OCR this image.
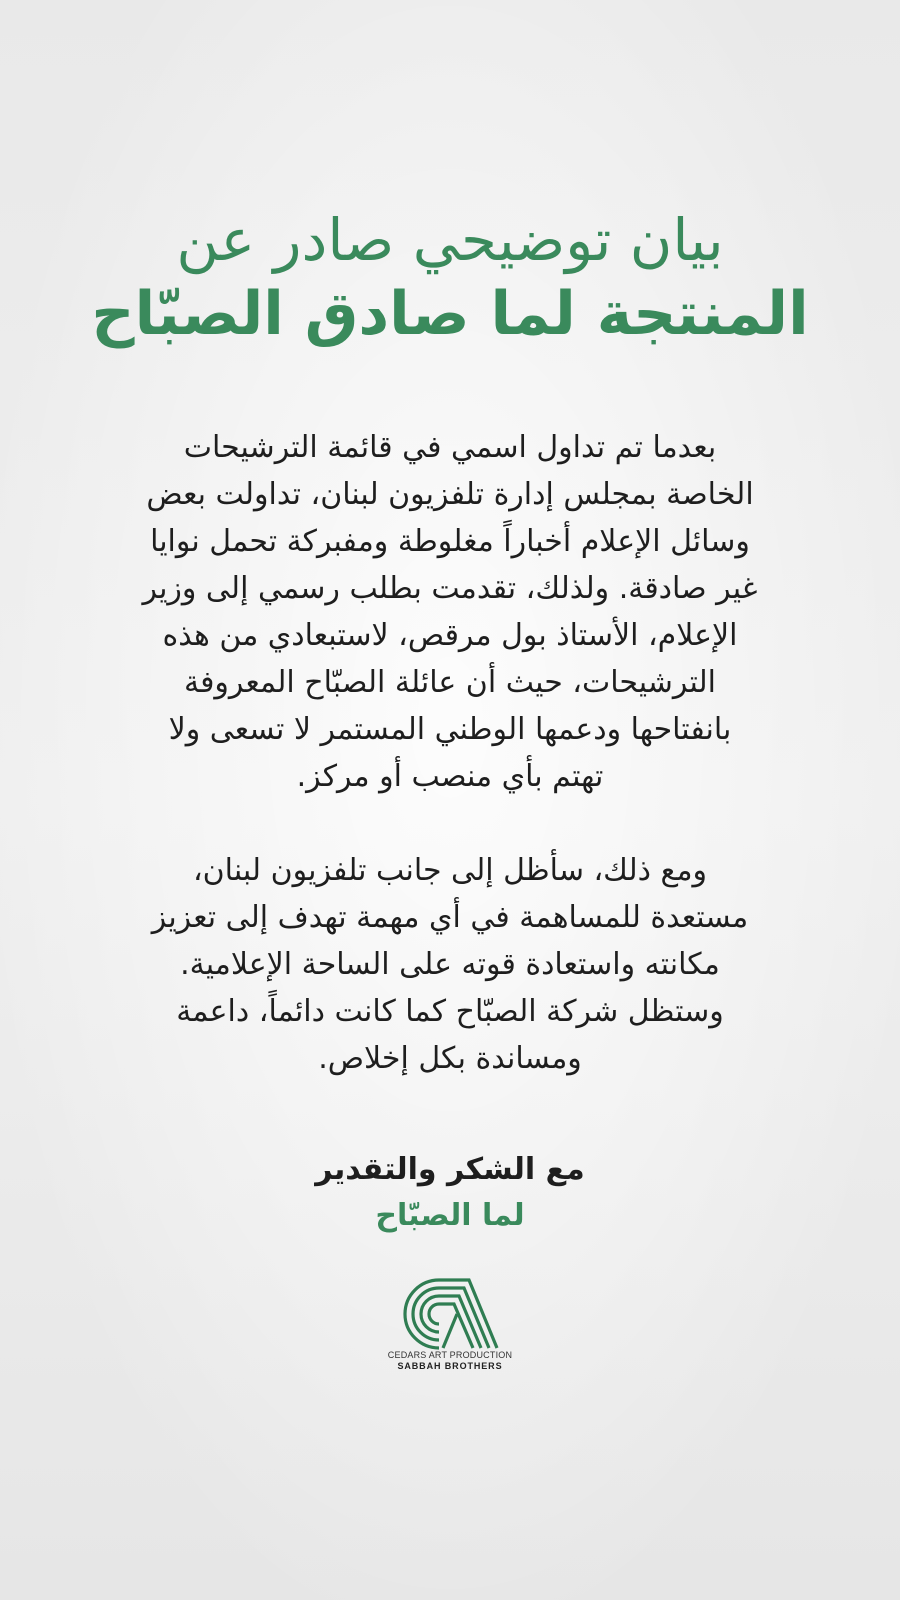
بيان توضيحي صادر عن
المنتجة لما صادق الصبّاح

بعدما تم تداول اسمي في قائمة الترشيحات

الخاصة بمجلس إدارة تلفزيون لبنان، تداولت بعض

وسائل الإعلام أخباراً مغلوطة ومفبركة تحمل نوايا

غير صادقة. ولذلك، تقدمت بطلب رسمي إلى وزير

الإعلام، الأستاذ بول مرقص، لاستبعادي من هذه

الترشيحات، حيث أن عائلة الصبّاح المعروفة

بانفتاحها ودعمها الوطني المستمر لا تسعى ولا

تهتم بأي منصب أو مركز.

ومع ذلك، سأظل إلى جانب تلفزيون لبنان،

مستعدة للمساهمة في أي مهمة تهدف إلى تعزيز

مكانته واستعادة قوته على الساحة الإعلامية.

وستظل شركة الصبّاح كما كانت دائماً، داعمة

ومساندة بكل إخلاص.

مع الشكر والتقدير
لما الصبّاح
CEDARS ART PRODUCTION
SABBAH BROTHERS
